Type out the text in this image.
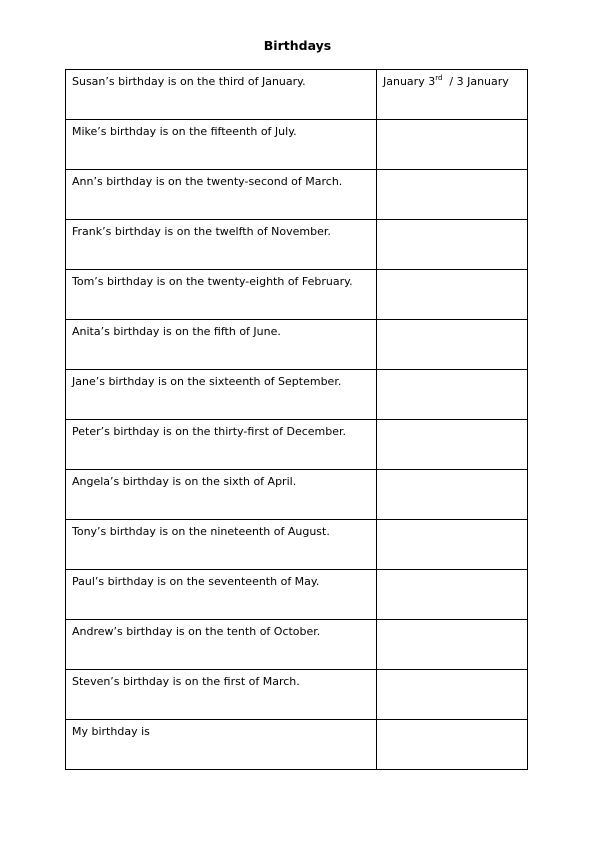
Birthdays
Susan’s birthday is on the third of January.	January 3rd / 3 January

Mike’s birthday is on the fifteenth of July.	

Ann’s birthday is on the twenty-second of March.	

Frank’s birthday is on the twelfth of November.	

Tom’s birthday is on the twenty-eighth of February.	

Anita’s birthday is on the fifth of June.	

Jane’s birthday is on the sixteenth of September.	

Peter’s birthday is on the thirty-first of December.	

Angela’s birthday is on the sixth of April.	

Tony’s birthday is on the nineteenth of August.	

Paul’s birthday is on the seventeenth of May.	

Andrew’s birthday is on the tenth of October.	

Steven’s birthday is on the first of March.	

My birthday is	
